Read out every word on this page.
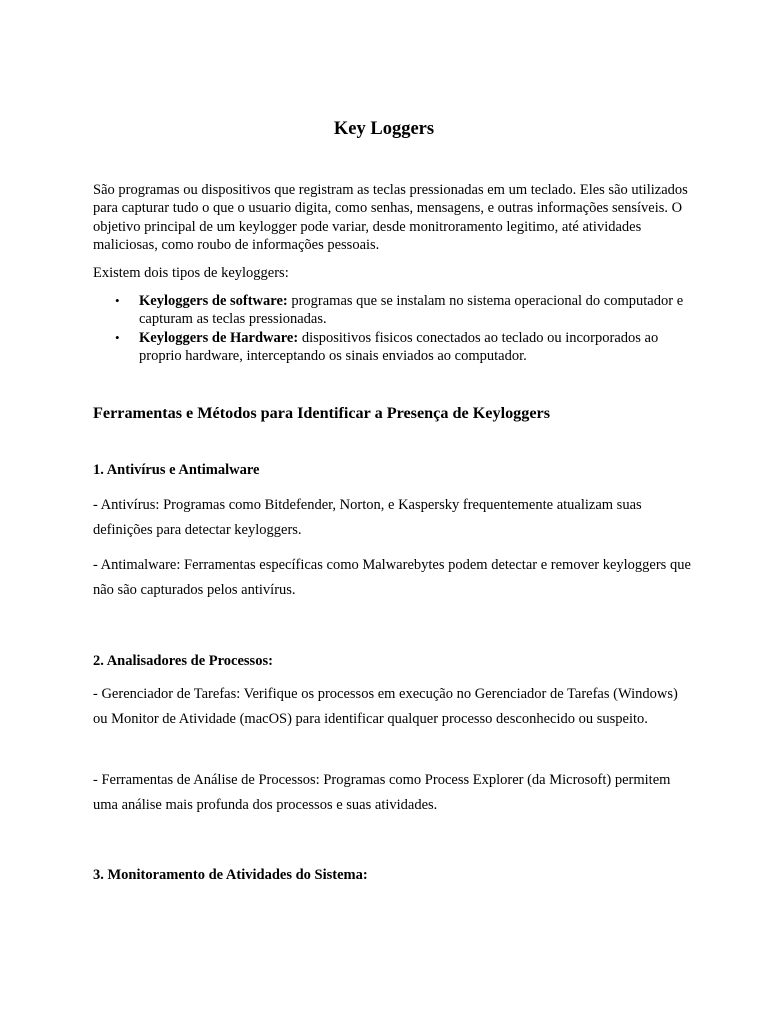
Key Loggers

São programas ou dispositivos que registram as teclas pressionadas em um teclado. Eles são utilizados para capturar tudo o que o usuario digita, como senhas, mensagens, e outras informações sensíveis. O objetivo principal de um keylogger pode variar, desde monitroramento legitimo, até atividades maliciosas, como roubo de informações pessoais.

Existem dois tipos de keyloggers:
• Keyloggers de software: programas que se instalam no sistema operacional do computador e capturam as teclas pressionadas.
• Keyloggers de Hardware: dispositivos fisicos conectados ao teclado ou incorporados ao proprio hardware, interceptando os sinais enviados ao computador.
Ferramentas e Métodos para Identificar a Presença de Keyloggers
1. Antivírus e Antimalware

- Antivírus: Programas como Bitdefender, Norton, e Kaspersky frequentemente atualizam suas definições para detectar keyloggers.

- Antimalware: Ferramentas específicas como Malwarebytes podem detectar e remover keyloggers que não são capturados pelos antivírus.

2. Analisadores de Processos:

- Gerenciador de Tarefas: Verifique os processos em execução no Gerenciador de Tarefas (Windows) ou Monitor de Atividade (macOS) para identificar qualquer processo desconhecido ou suspeito.

- Ferramentas de Análise de Processos: Programas como Process Explorer (da Microsoft) permitem uma análise mais profunda dos processos e suas atividades.

3. Monitoramento de Atividades do Sistema:
